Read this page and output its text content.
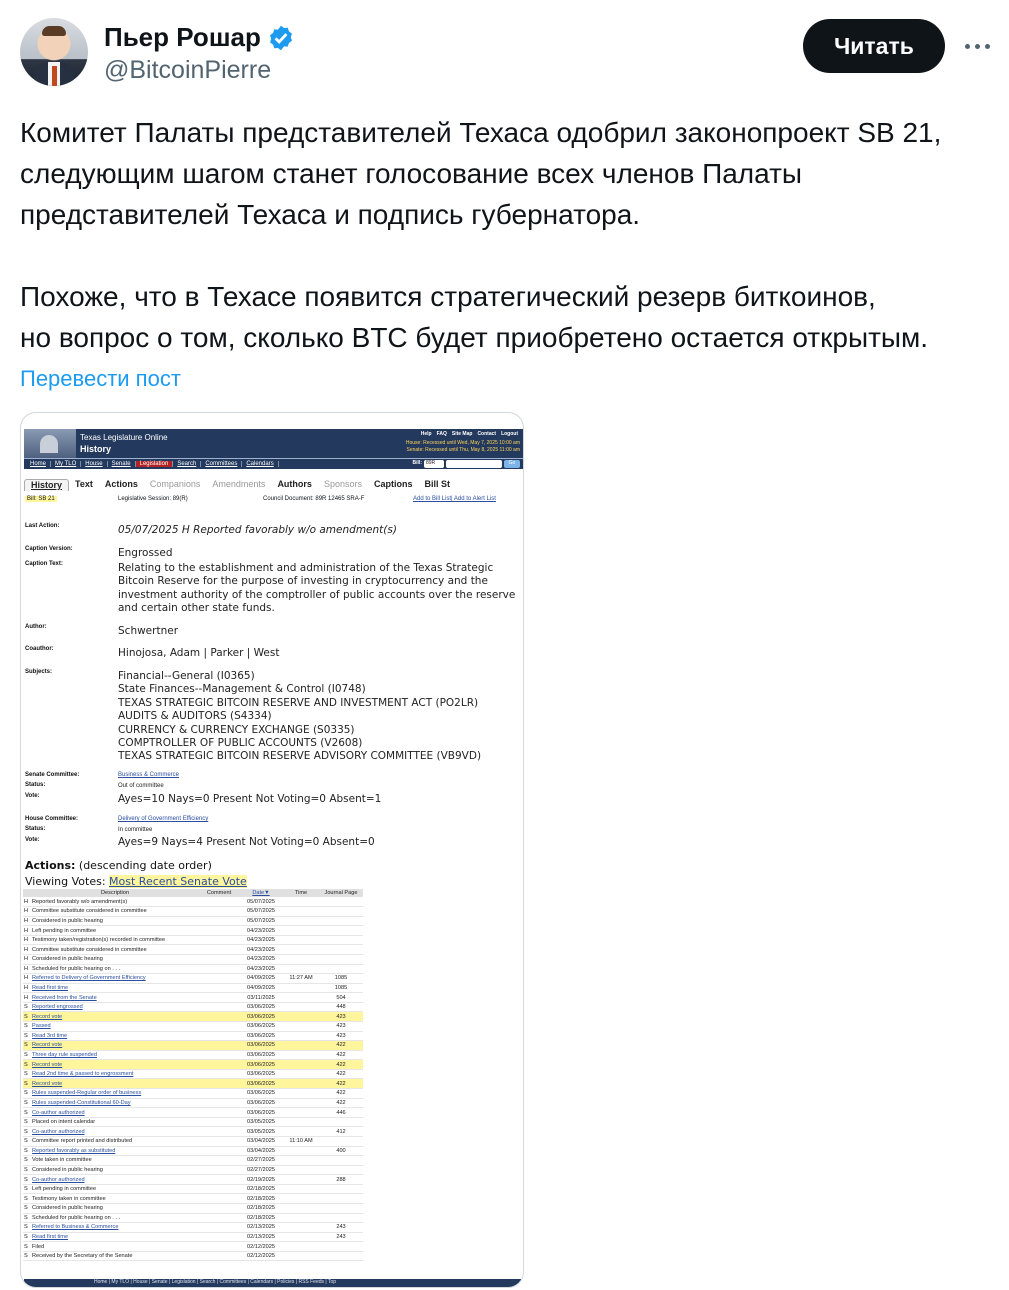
Пьер Рошар
@BitcoinPierre
Читать

Комитет Палаты представителей Техаса одобрил законопроект SB 21,

следующим шагом станет голосование всех членов Палаты

представителей Техаса и подпись губернатора.

Похоже, что в Техасе появится стратегический резерв биткоинов,

но вопрос о том, сколько BTC будет приобретено остается открытым.

Перевести пост
Texas Legislature Online
History
Help FAQ Site Map Contact Logout
House: Recessed until Wed, May 7, 2025 10:00 am
Senate: Recessed until Thu, May 8, 2025 11:00 am
Home	My TLO	House	Senate	Legislation	Search	Committees	Calendars	Bill: 89R	Go
History	Text	Actions	Companions	Amendments	Authors	Sponsors	Captions	Bill St
Bill: SB 21	Legislative Session: 89(R)	Council Document: 89R 12465 SRA-F	Add to Bill List| Add to Alert List
Last Action:	05/07/2025 H Reported favorably w/o amendment(s)
Caption Version:	Engrossed
Caption Text:	Relating to the establishment and administration of the Texas Strategic
Bitcoin Reserve for the purpose of investing in cryptocurrency and the
investment authority of the comptroller of public accounts over the reserve
and certain other state funds.
Author:	Schwertner
Coauthor:	Hinojosa, Adam | Parker | West
Subjects:	Financial--General (I0365)
State Finances--Management & Control (I0748)
TEXAS STRATEGIC BITCOIN RESERVE AND INVESTMENT ACT (PO2LR)
AUDITS & AUDITORS (S4334)
CURRENCY & CURRENCY EXCHANGE (S0335)
COMPTROLLER OF PUBLIC ACCOUNTS (V2608)
TEXAS STRATEGIC BITCOIN RESERVE ADVISORY COMMITTEE (VB9VD)
Senate Committee:	Business & Commerce
Status:	Out of committee
Vote:	Ayes=10 Nays=0 Present Not Voting=0 Absent=1
House Committee:	Delivery of Government Efficiency
Status:	In committee
Vote:	Ayes=9 Nays=4 Present Not Voting=0 Absent=0
Actions: (descending date order)
Viewing Votes: Most Recent Senate Vote
	Description	Comment	Date▼	Time	Journal Page
H	Reported favorably w/o amendment(s)		05/07/2025		
H	Committee substitute considered in committee		05/07/2025		
H	Considered in public hearing		05/07/2025		
H	Left pending in committee		04/23/2025		
H	Testimony taken/registration(s) recorded in committee		04/23/2025		
H	Committee substitute considered in committee		04/23/2025		
H	Considered in public hearing		04/23/2025		
H	Scheduled for public hearing on . . .		04/23/2025		
H	Referred to Delivery of Government Efficiency		04/09/2025	11:27 AM	1085
H	Read first time		04/09/2025		1085
H	Received from the Senate		03/11/2025		504
S	Reported engrossed		03/06/2025		448
S	Record vote		03/06/2025		423
S	Passed		03/06/2025		423
S	Read 3rd time		03/06/2025		423
S	Record vote		03/06/2025		422
S	Three day rule suspended		03/06/2025		422
S	Record vote		03/06/2025		422
S	Read 2nd time & passed to engrossment		03/06/2025		422
S	Record vote		03/06/2025		422
S	Rules suspended-Regular order of business		03/06/2025		422
S	Rules suspended-Constitutional 60-Day		03/06/2025		422
S	Co-author authorized		03/06/2025		446
S	Placed on intent calendar		03/05/2025		
S	Co-author authorized		03/05/2025		412
S	Committee report printed and distributed		03/04/2025	11:10 AM	
S	Reported favorably as substituted		03/04/2025		400
S	Vote taken in committee		02/27/2025		
S	Considered in public hearing		02/27/2025		
S	Co-author authorized		02/19/2025		288
S	Left pending in committee		02/18/2025		
S	Testimony taken in committee		02/18/2025		
S	Considered in public hearing		02/18/2025		
S	Scheduled for public hearing on . . .		02/18/2025		
S	Referred to Business & Commerce		02/13/2025		243
S	Read first time		02/13/2025		243
S	Filed		02/12/2025		
S	Received by the Secretary of the Senate		02/12/2025		
Home | My TLO | House | Senate | Legislation | Search | Committees | Calendars | Policies | RSS Feeds | Top
